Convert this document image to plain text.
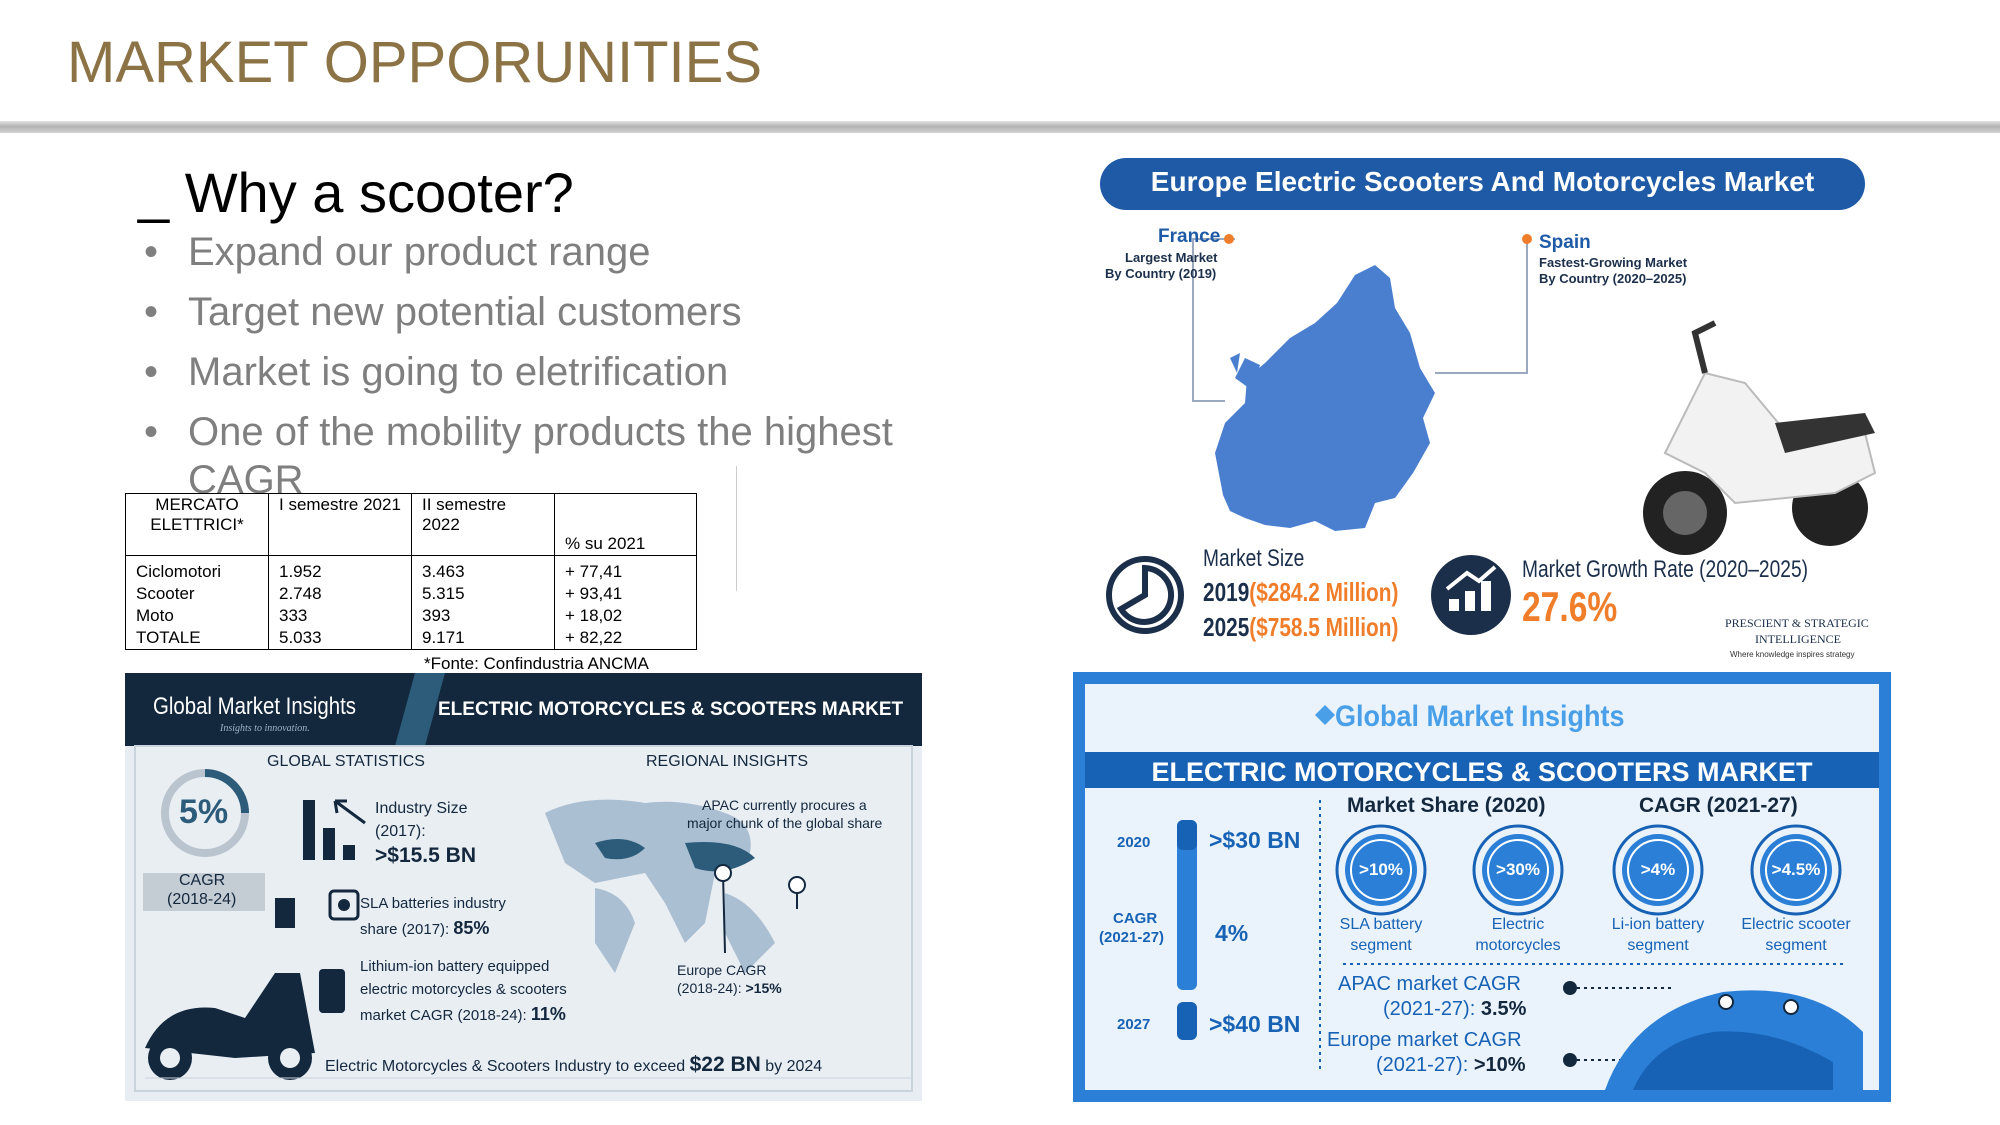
MARKET OPPORUNITIES
_ Why a scooter?
• Expand our product range
• Target new potential customers
• Market is going to eletrification
• One of the mobility products the highest CAGR
MERCATO ELETTRICI*	I semestre 2021	II semestre 2022	% su 2021
Ciclomotori	1.952	3.463	+ 77,41
Scooter	2.748	5.315	+ 93,41
Moto	333	393	+ 18,02
TOTALE	5.033	9.171	+ 82,22
*Fonte: Confindustria ANCMA
Europe Electric Scooters And Motorcycles Market
France
Largest Market
By Country (2019)
Spain
Fastest-Growing Market
By Country (2020–2025)
Market Size
2019($284.2 Million)
2025($758.5 Million)
Market Growth Rate (2020–2025)
27.6%	PRESCIENT & STRATEGIC
INTELLIGENCE
Where knowledge inspires strategy
Global Market Insights
Insights to innovation.
ELECTRIC MOTORCYCLES & SCOOTERS MARKET
GLOBAL STATISTICS	REGIONAL INSIGHTS
5%
CAGR
(2018-24)
Industry Size
(2017):
>$15.5 BN
SLA batteries industry
share (2017): 85%
Lithium-ion battery equipped
electric motorcycles & scooters
market CAGR (2018-24): 11%
APAC currently procures a
major chunk of the global share
Europe CAGR
(2018-24): >15%
Electric Motorcycles & Scooters Industry to exceed $22 BN by 2024
Global Market Insights
ELECTRIC MOTORCYCLES & SCOOTERS MARKET
Market Share (2020)	CAGR (2021-27)
2020	>$30 BN
CAGR
(2021-27) 4%
2027	>$40 BN
>10%	>30%	>4%	>4.5%
SLA battery
segment
Electric
motorcycles
Li-ion battery
segment
Electric scooter
segment
APAC market CAGR
(2021-27): 3.5%
Europe market CAGR
(2021-27): >10%
